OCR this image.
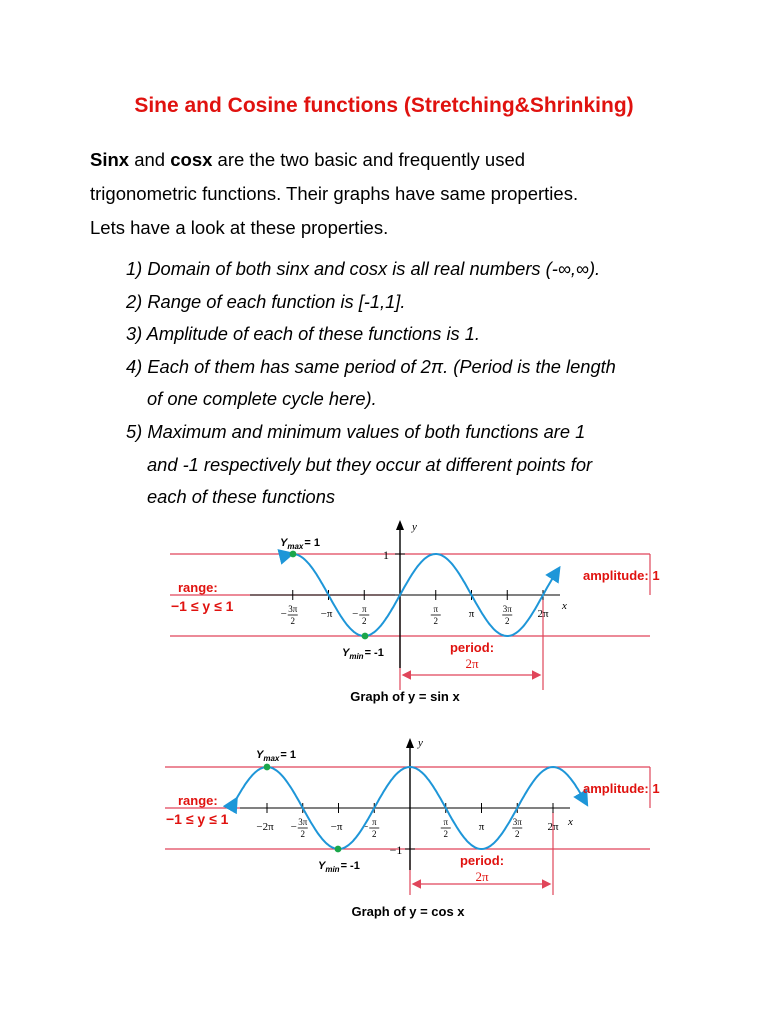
Sine and Cosine functions (Stretching&Shrinking)
Sinx and cosx are the two basic and frequently used
trigonometric functions. Their graphs have same properties.
Lets have a look at these properties.
1) Domain of both sinx and cosx is all real numbers (-∞,∞).
2) Range of each function is [-1,1].
3) Amplitude of each of these functions is 1.
4) Each of them has same period of 2π. (Period is the length
of one complete cycle here).
5) Maximum and minimum values of both functions are 1
and -1 respectively but they occur at different points for
each of these functions
1
y
x
− 3π
2
−π − π
2
π
2
π	3π
2
2π
$Y_{max}= 1$
$Y_{min}= -1$
range:
−1 ≤ y ≤ 1
amplitude: 1
period:
2π
Graph of y = sin x
−1
y
x
−2π − 3π
2
−π − π
2
π
2
π	3π
2
2π
$Y_{max}= 1$
$Y_{min}= -1$
range:
−1 ≤ y ≤ 1
amplitude: 1
period:
2π
Graph of y = cos x
